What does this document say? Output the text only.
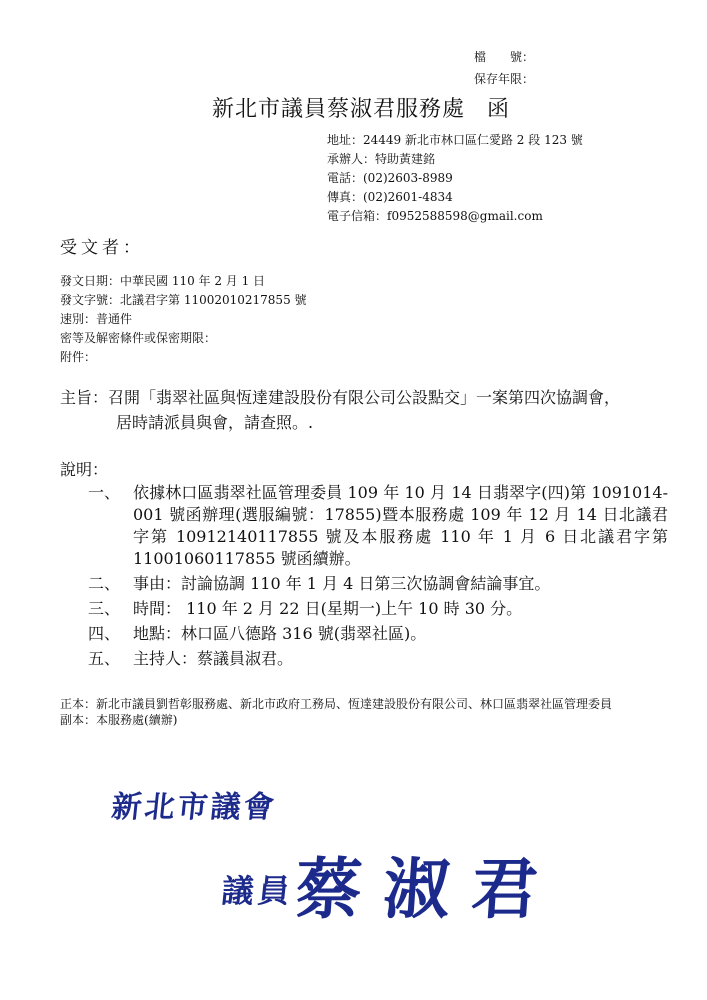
檔　　號：
保存年限：
新北市議員蔡淑君服務處 函
地址：24449 新北市林口區仁愛路 2 段 123 號
承辦人：特助黃建銘
電話：(02)2603-8989
傳真：(02)2601-4834
電子信箱：f0952588598@gmail.com
受文者：
發文日期：中華民國 110 年 2 月 1 日
發文字號：北議君字第 11002010217855 號
速別：普通件
密等及解密條件或保密期限：
附件：
主旨：召開「翡翠社區與恆達建設股份有限公司公設點交」一案第四次協調會，
居時請派員與會，請查照。.
說明：
一、 依據林口區翡翠社區管理委員 109 年 10 月 14 日翡翠字(四)第 1091014-001 號函辦理(選服編號：17855)暨本服務處 109 年 12 月 14 日北議君字第 10912140117855 號及本服務處 110 年 1 月 6 日北議君字第 11001060117855 號函續辦。
二、 事由：討論協調 110 年 1 月 4 日第三次協調會結論事宜。
三、 時間： 110 年 2 月 22 日(星期一)上午 10 時 30 分。
四、 地點：林口區八德路 316 號(翡翠社區)。
五、 主持人：蔡議員淑君。
正本： 新北市議員劉哲彰服務處、新北市政府工務局、恆達建設股份有限公司、林口區翡翠社區管理委員
副本： 本服務處(續辦)
新北市議會
議員
蔡淑君
